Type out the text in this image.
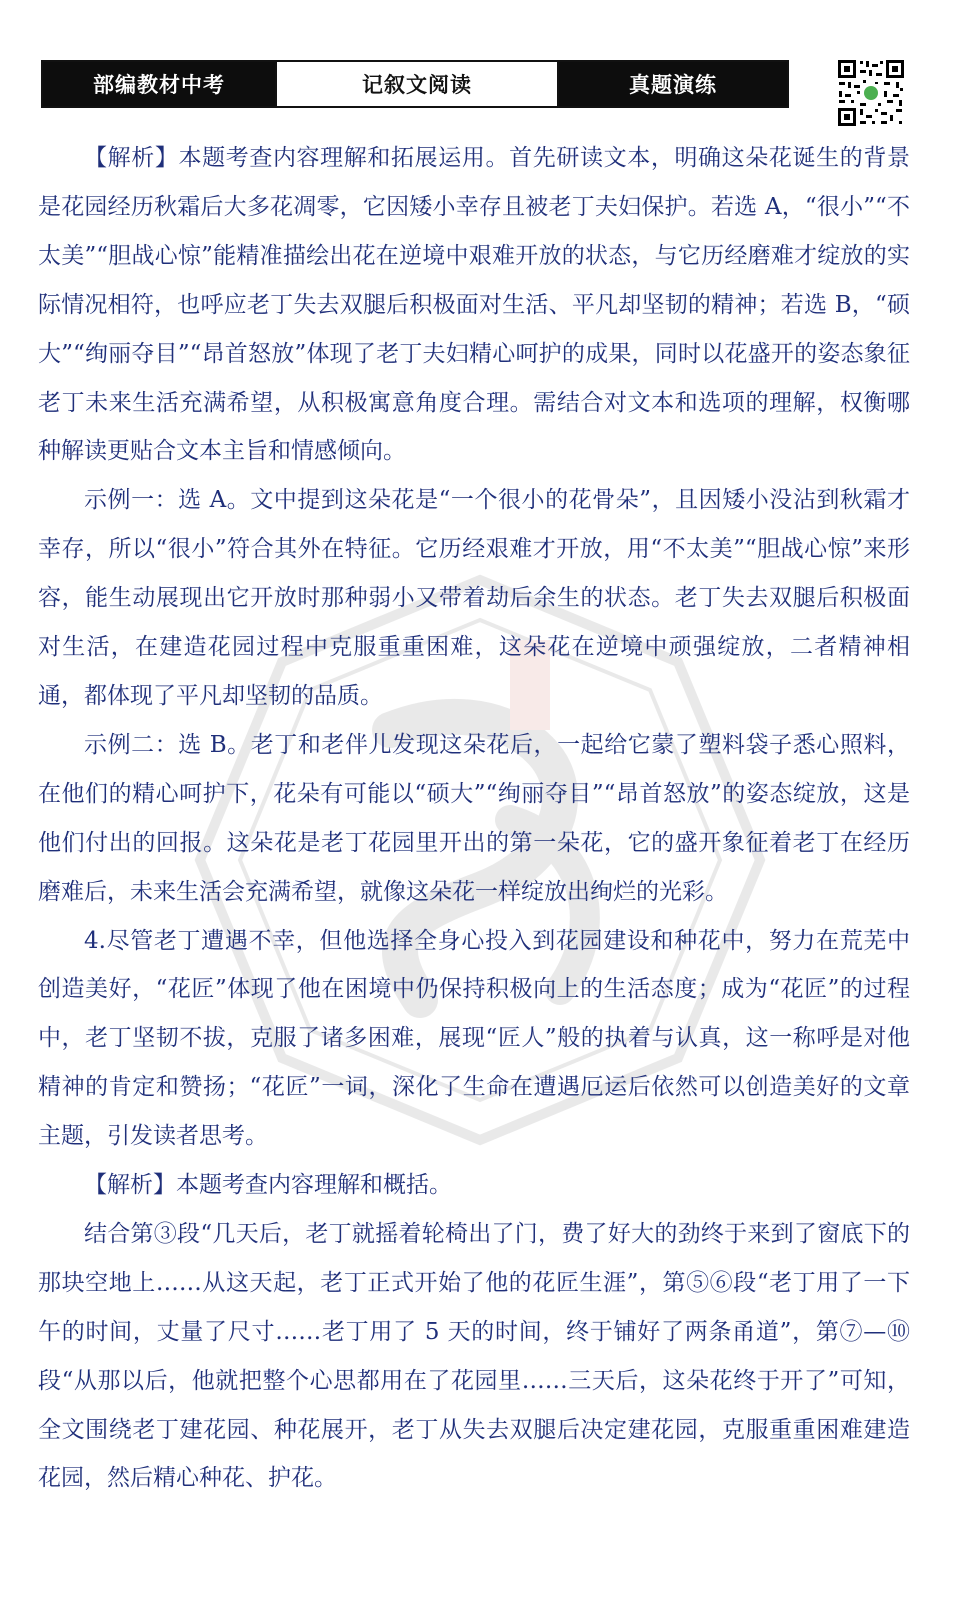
部编教材中考	记叙文阅读	真题演练

【解析】本题考查内容理解和拓展运用。首先研读文本，明确这朵花诞生的背景是花园经历秋霜后大多花凋零，它因矮小幸存且被老丁夫妇保护。若选 A，“很小”“不太美”“胆战心惊”能精准描绘出花在逆境中艰难开放的状态，与它历经磨难才绽放的实际情况相符，也呼应老丁失去双腿后积极面对生活、平凡却坚韧的精神；若选 B，“硕大”“绚丽夺目”“昂首怒放”体现了老丁夫妇精心呵护的成果，同时以花盛开的姿态象征老丁未来生活充满希望，从积极寓意角度合理。需结合对文本和选项的理解，权衡哪种解读更贴合文本主旨和情感倾向。

示例一：选 A。文中提到这朵花是“一个很小的花骨朵”，且因矮小没沾到秋霜才幸存，所以“很小”符合其外在特征。它历经艰难才开放，用“不太美”“胆战心惊”来形容，能生动展现出它开放时那种弱小又带着劫后余生的状态。老丁失去双腿后积极面对生活，在建造花园过程中克服重重困难，这朵花在逆境中顽强绽放，二者精神相通，都体现了平凡却坚韧的品质。

示例二：选 B。老丁和老伴儿发现这朵花后，一起给它蒙了塑料袋子悉心照料，在他们的精心呵护下，花朵有可能以“硕大”“绚丽夺目”“昂首怒放”的姿态绽放，这是他们付出的回报。这朵花是老丁花园里开出的第一朵花，它的盛开象征着老丁在经历磨难后，未来生活会充满希望，就像这朵花一样绽放出绚烂的光彩。

4.尽管老丁遭遇不幸，但他选择全身心投入到花园建设和种花中，努力在荒芜中创造美好，“花匠”体现了他在困境中仍保持积极向上的生活态度；成为“花匠”的过程中，老丁坚韧不拔，克服了诸多困难，展现“匠人”般的执着与认真，这一称呼是对他精神的肯定和赞扬；“花匠”一词，深化了生命在遭遇厄运后依然可以创造美好的文章主题，引发读者思考。

【解析】本题考查内容理解和概括。

结合第③段“几天后，老丁就摇着轮椅出了门，费了好大的劲终于来到了窗底下的那块空地上……从这天起，老丁正式开始了他的花匠生涯”，第⑤⑥段“老丁用了一下午的时间，丈量了尺寸……老丁用了 5 天的时间，终于铺好了两条甬道”，第⑦—⑩段“从那以后，他就把整个心思都用在了花园里……三天后，这朵花终于开了”可知，全文围绕老丁建花园、种花展开，老丁从失去双腿后决定建花园，克服重重困难建造花园，然后精心种花、护花。
